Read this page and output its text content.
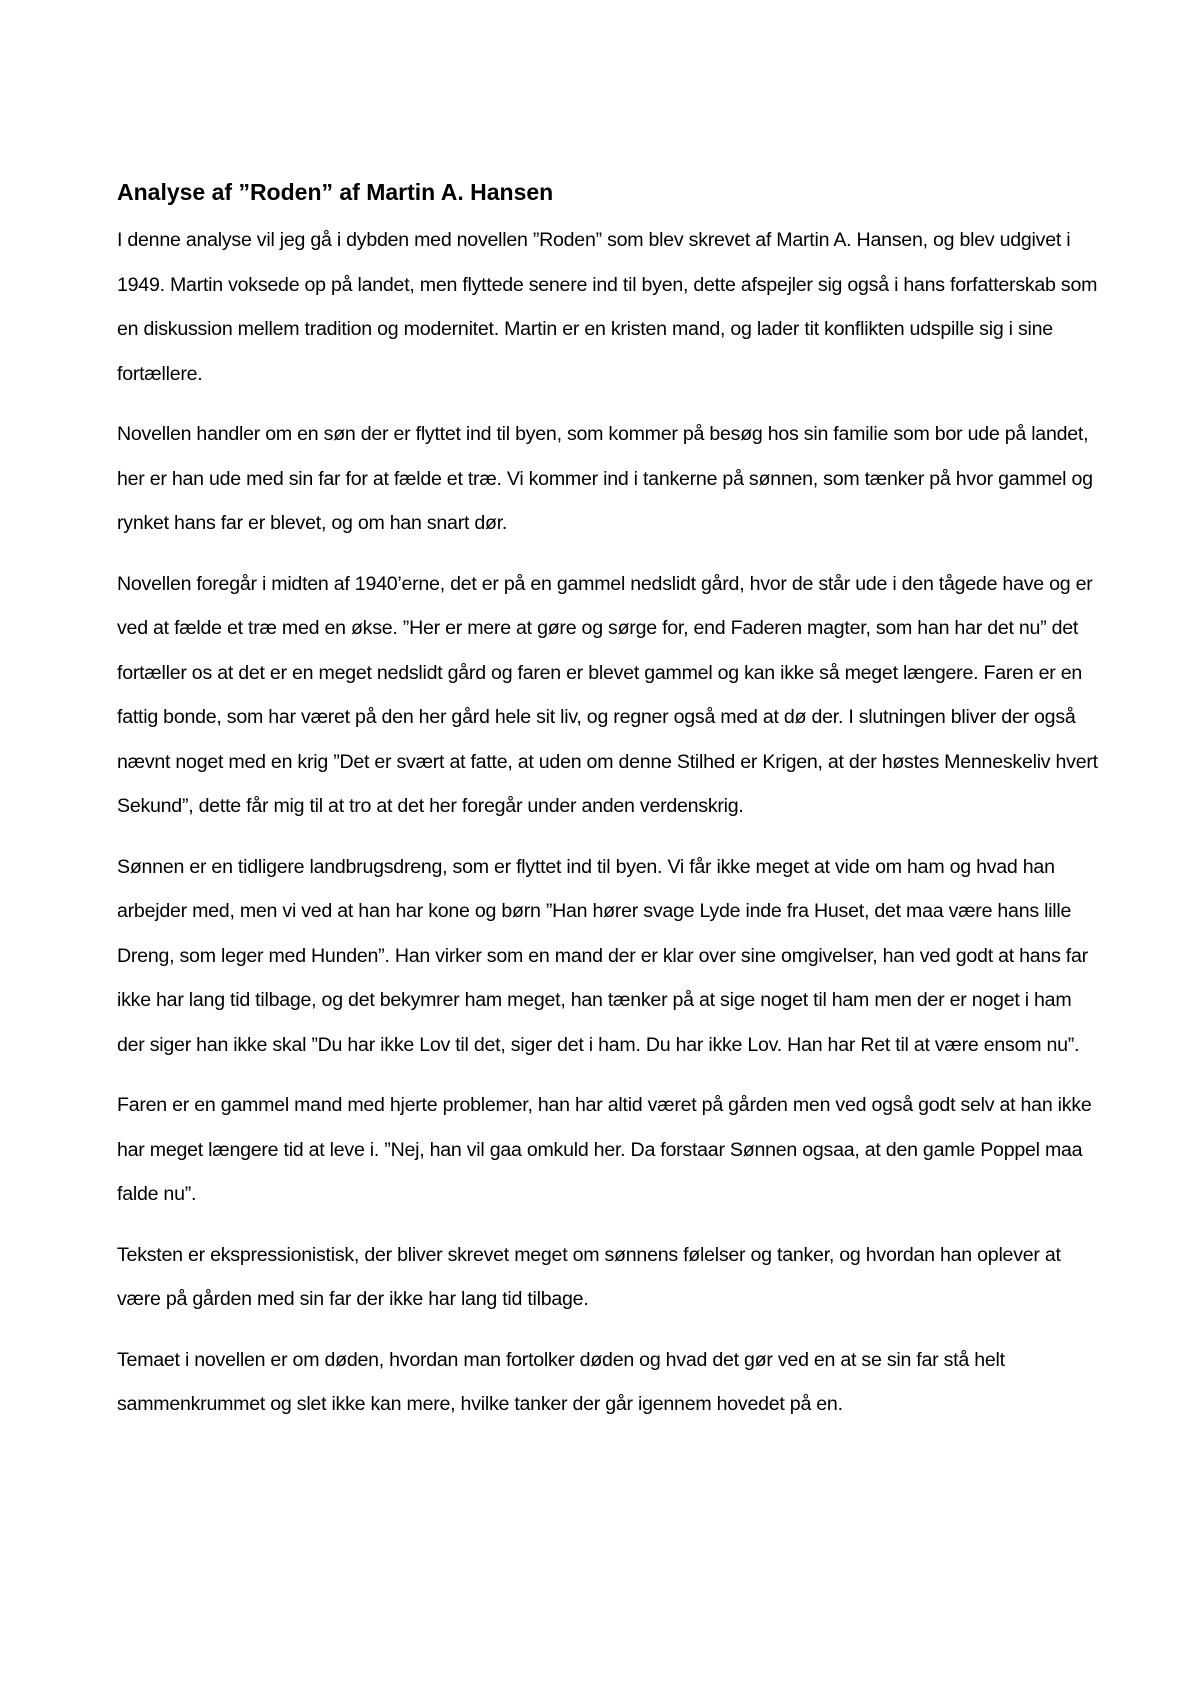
Analyse af ”Roden” af Martin A. Hansen

I denne analyse vil jeg gå i dybden med novellen ”Roden” som blev skrevet af Martin A. Hansen, og blev udgivet i 1949. Martin voksede op på landet, men flyttede senere ind til byen, dette afspejler sig også i hans forfatterskab som en diskussion mellem tradition og modernitet. Martin er en kristen mand, og lader tit konflikten udspille sig i sine fortællere.

Novellen handler om en søn der er flyttet ind til byen, som kommer på besøg hos sin familie som bor ude på landet, her er han ude med sin far for at fælde et træ. Vi kommer ind i tankerne på sønnen, som tænker på hvor gammel og rynket hans far er blevet, og om han snart dør.

Novellen foregår i midten af 1940’erne, det er på en gammel nedslidt gård, hvor de står ude i den tågede have og er ved at fælde et træ med en økse. ”Her er mere at gøre og sørge for, end Faderen magter, som han har det nu” det fortæller os at det er en meget nedslidt gård og faren er blevet gammel og kan ikke så meget længere. Faren er en fattig bonde, som har været på den her gård hele sit liv, og regner også med at dø der. I slutningen bliver der også nævnt noget med en krig ”Det er svært at fatte, at uden om denne Stilhed er Krigen, at der høstes Menneskeliv hvert Sekund”, dette får mig til at tro at det her foregår under anden verdenskrig.

Sønnen er en tidligere landbrugsdreng, som er flyttet ind til byen. Vi får ikke meget at vide om ham og hvad han arbejder med, men vi ved at han har kone og børn ”Han hører svage Lyde inde fra Huset, det maa være hans lille Dreng, som leger med Hunden”. Han virker som en mand der er klar over sine omgivelser, han ved godt at hans far ikke har lang tid tilbage, og det bekymrer ham meget, han tænker på at sige noget til ham men der er noget i ham der siger han ikke skal ”Du har ikke Lov til det, siger det i ham. Du har ikke Lov. Han har Ret til at være ensom nu”.

Faren er en gammel mand med hjerte problemer, han har altid været på gården men ved også godt selv at han ikke har meget længere tid at leve i. ”Nej, han vil gaa omkuld her. Da forstaar Sønnen ogsaa, at den gamle Poppel maa falde nu”.

Teksten er ekspressionistisk, der bliver skrevet meget om sønnens følelser og tanker, og hvordan han oplever at være på gården med sin far der ikke har lang tid tilbage.

Temaet i novellen er om døden, hvordan man fortolker døden og hvad det gør ved en at se sin far stå helt sammenkrummet og slet ikke kan mere, hvilke tanker der går igennem hovedet på en.
